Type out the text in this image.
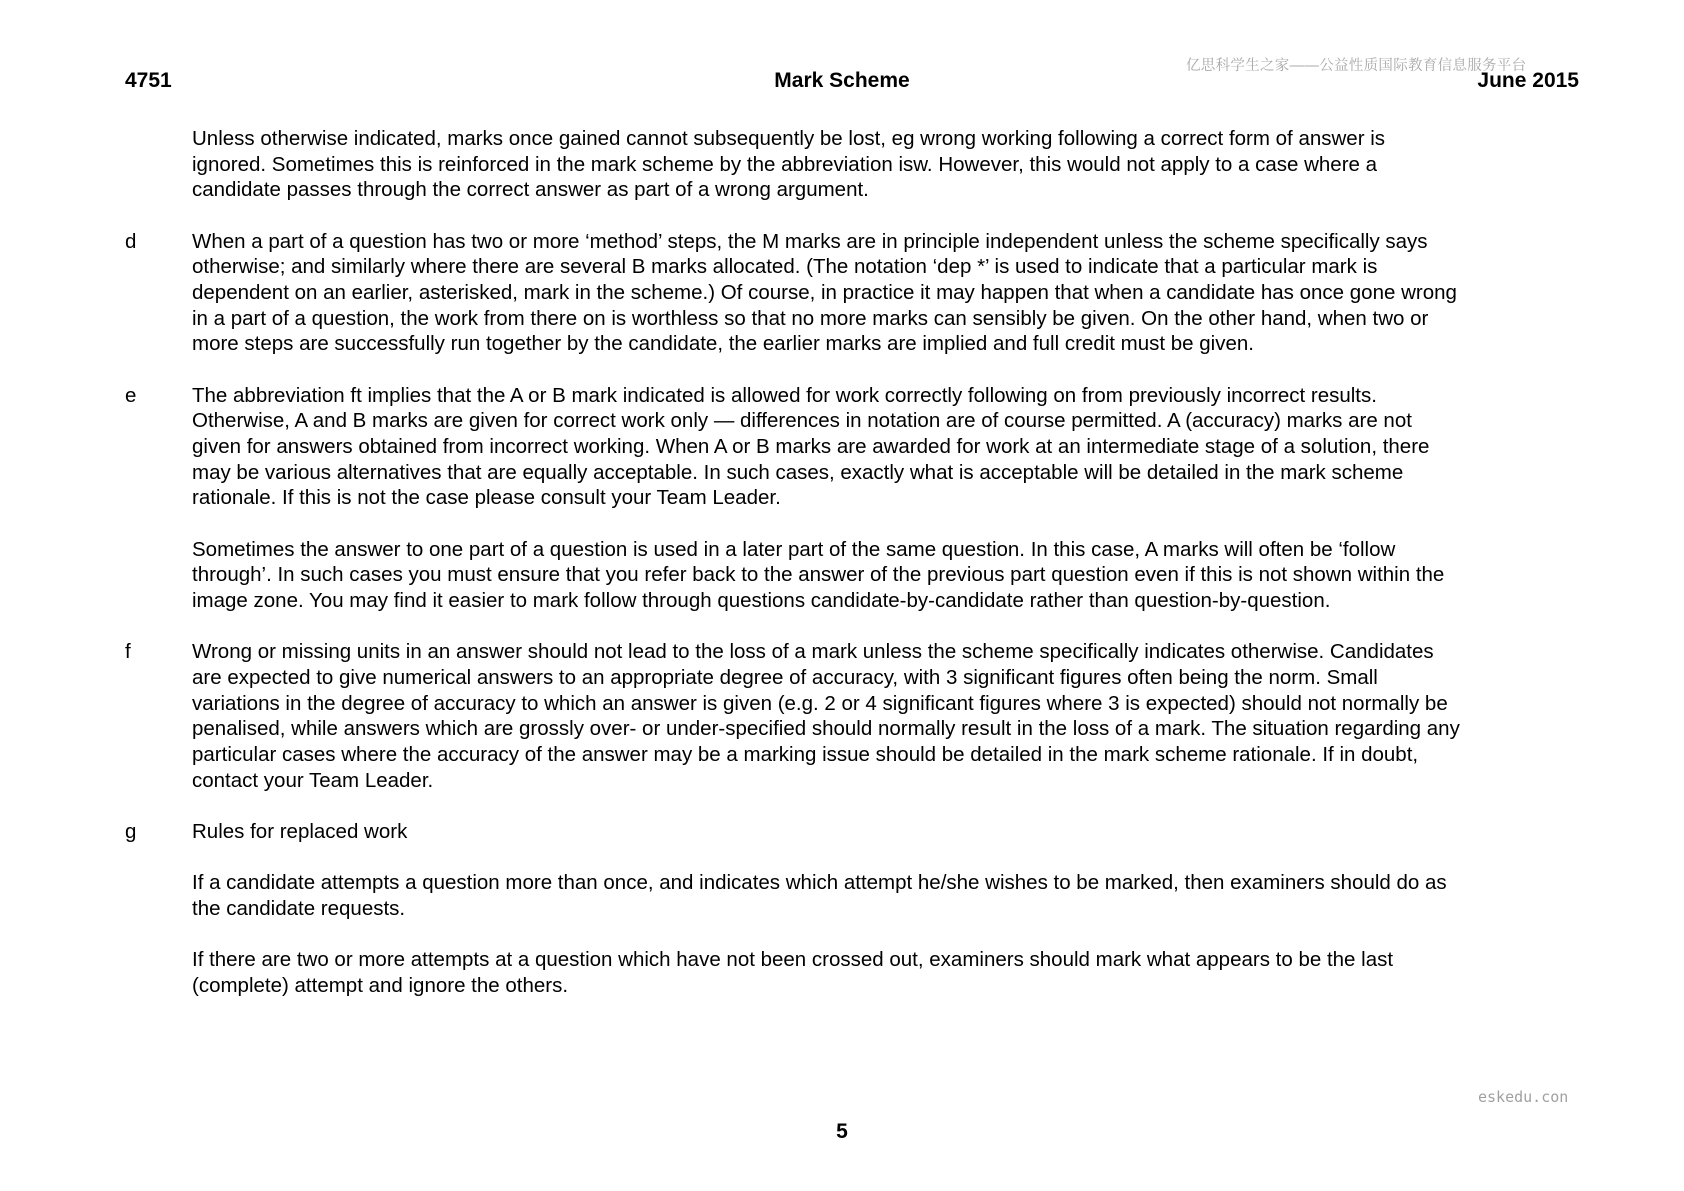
4751	Mark Scheme	June 2015
亿思科学生之家——公益性质国际教育信息服务平台
Unless otherwise indicated, marks once gained cannot subsequently be lost, eg wrong working following a correct form of answer is ignored. Sometimes this is reinforced in the mark scheme by the abbreviation isw. However, this would not apply to a case where a candidate passes through the correct answer as part of a wrong argument.
d	When a part of a question has two or more ‘method’ steps, the M marks are in principle independent unless the scheme specifically says otherwise; and similarly where there are several B marks allocated. (The notation ‘dep *’ is used to indicate that a particular mark is dependent on an earlier, asterisked, mark in the scheme.) Of course, in practice it may happen that when a candidate has once gone wrong in a part of a question, the work from there on is worthless so that no more marks can sensibly be given. On the other hand, when two or more steps are successfully run together by the candidate, the earlier marks are implied and full credit must be given.
e	The abbreviation ft implies that the A or B mark indicated is allowed for work correctly following on from previously incorrect results. Otherwise, A and B marks are given for correct work only — differences in notation are of course permitted. A (accuracy) marks are not given for answers obtained from incorrect working. When A or B marks are awarded for work at an intermediate stage of a solution, there may be various alternatives that are equally acceptable. In such cases, exactly what is acceptable will be detailed in the mark scheme rationale. If this is not the case please consult your Team Leader.
Sometimes the answer to one part of a question is used in a later part of the same question. In this case, A marks will often be ‘follow through’. In such cases you must ensure that you refer back to the answer of the previous part question even if this is not shown within the image zone. You may find it easier to mark follow through questions candidate-by-candidate rather than question-by-question.
f	Wrong or missing units in an answer should not lead to the loss of a mark unless the scheme specifically indicates otherwise. Candidates are expected to give numerical answers to an appropriate degree of accuracy, with 3 significant figures often being the norm. Small variations in the degree of accuracy to which an answer is given (e.g. 2 or 4 significant figures where 3 is expected) should not normally be penalised, while answers which are grossly over- or under-specified should normally result in the loss of a mark. The situation regarding any particular cases where the accuracy of the answer may be a marking issue should be detailed in the mark scheme rationale. If in doubt, contact your Team Leader.
g	Rules for replaced work
If a candidate attempts a question more than once, and indicates which attempt he/she wishes to be marked, then examiners should do as the candidate requests.
If there are two or more attempts at a question which have not been crossed out, examiners should mark what appears to be the last (complete) attempt and ignore the others.
eskedu.con
5
